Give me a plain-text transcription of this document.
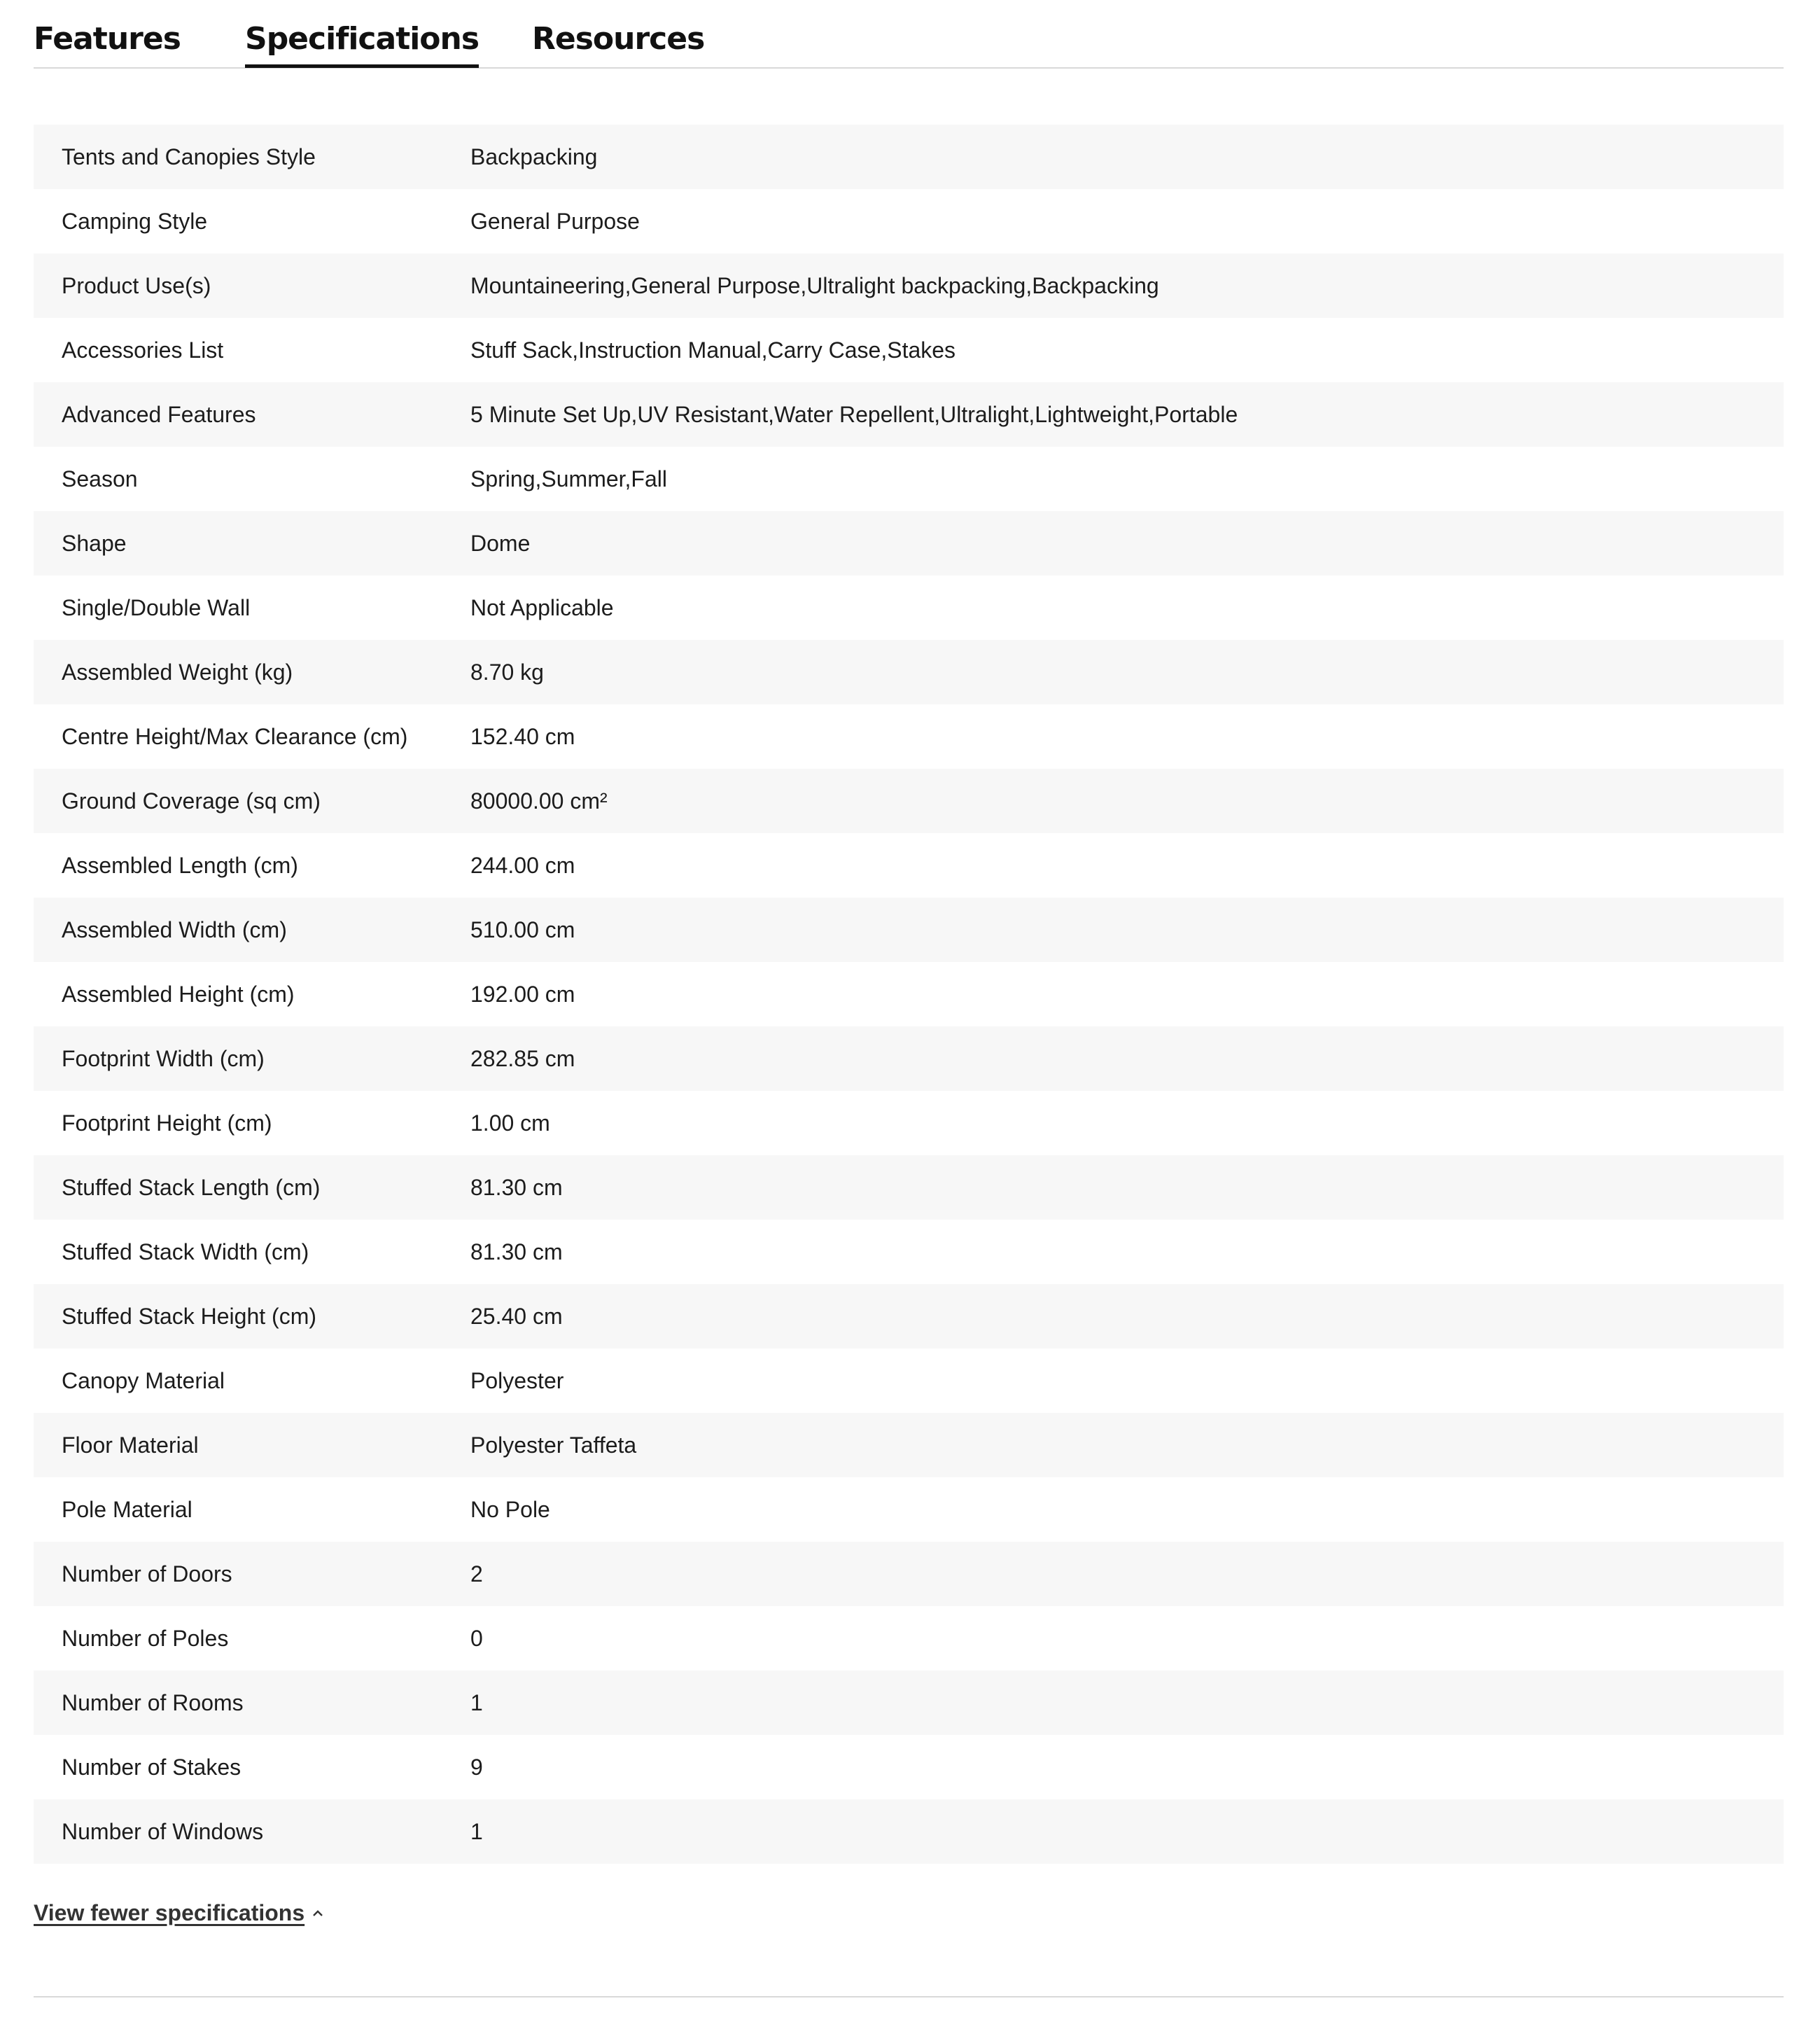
Features Specifications Resources
Tents and Canopies Style	Backpacking
Camping Style	General Purpose
Product Use(s)	Mountaineering,General Purpose,Ultralight backpacking,Backpacking
Accessories List	Stuff Sack,Instruction Manual,Carry Case,Stakes
Advanced Features	5 Minute Set Up,UV Resistant,Water Repellent,Ultralight,Lightweight,Portable
Season	Spring,Summer,Fall
Shape	Dome
Single/Double Wall	Not Applicable
Assembled Weight (kg)	8.70 kg
Centre Height/Max Clearance (cm)	152.40 cm
Ground Coverage (sq cm)	80000.00 cm²
Assembled Length (cm)	244.00 cm
Assembled Width (cm)	510.00 cm
Assembled Height (cm)	192.00 cm
Footprint Width (cm)	282.85 cm
Footprint Height (cm)	1.00 cm
Stuffed Stack Length (cm)	81.30 cm
Stuffed Stack Width (cm)	81.30 cm
Stuffed Stack Height (cm)	25.40 cm
Canopy Material	Polyester
Floor Material	Polyester Taffeta
Pole Material	No Pole
Number of Doors	2
Number of Poles	0
Number of Rooms	1
Number of Stakes	9
Number of Windows	1
View fewer specifications
